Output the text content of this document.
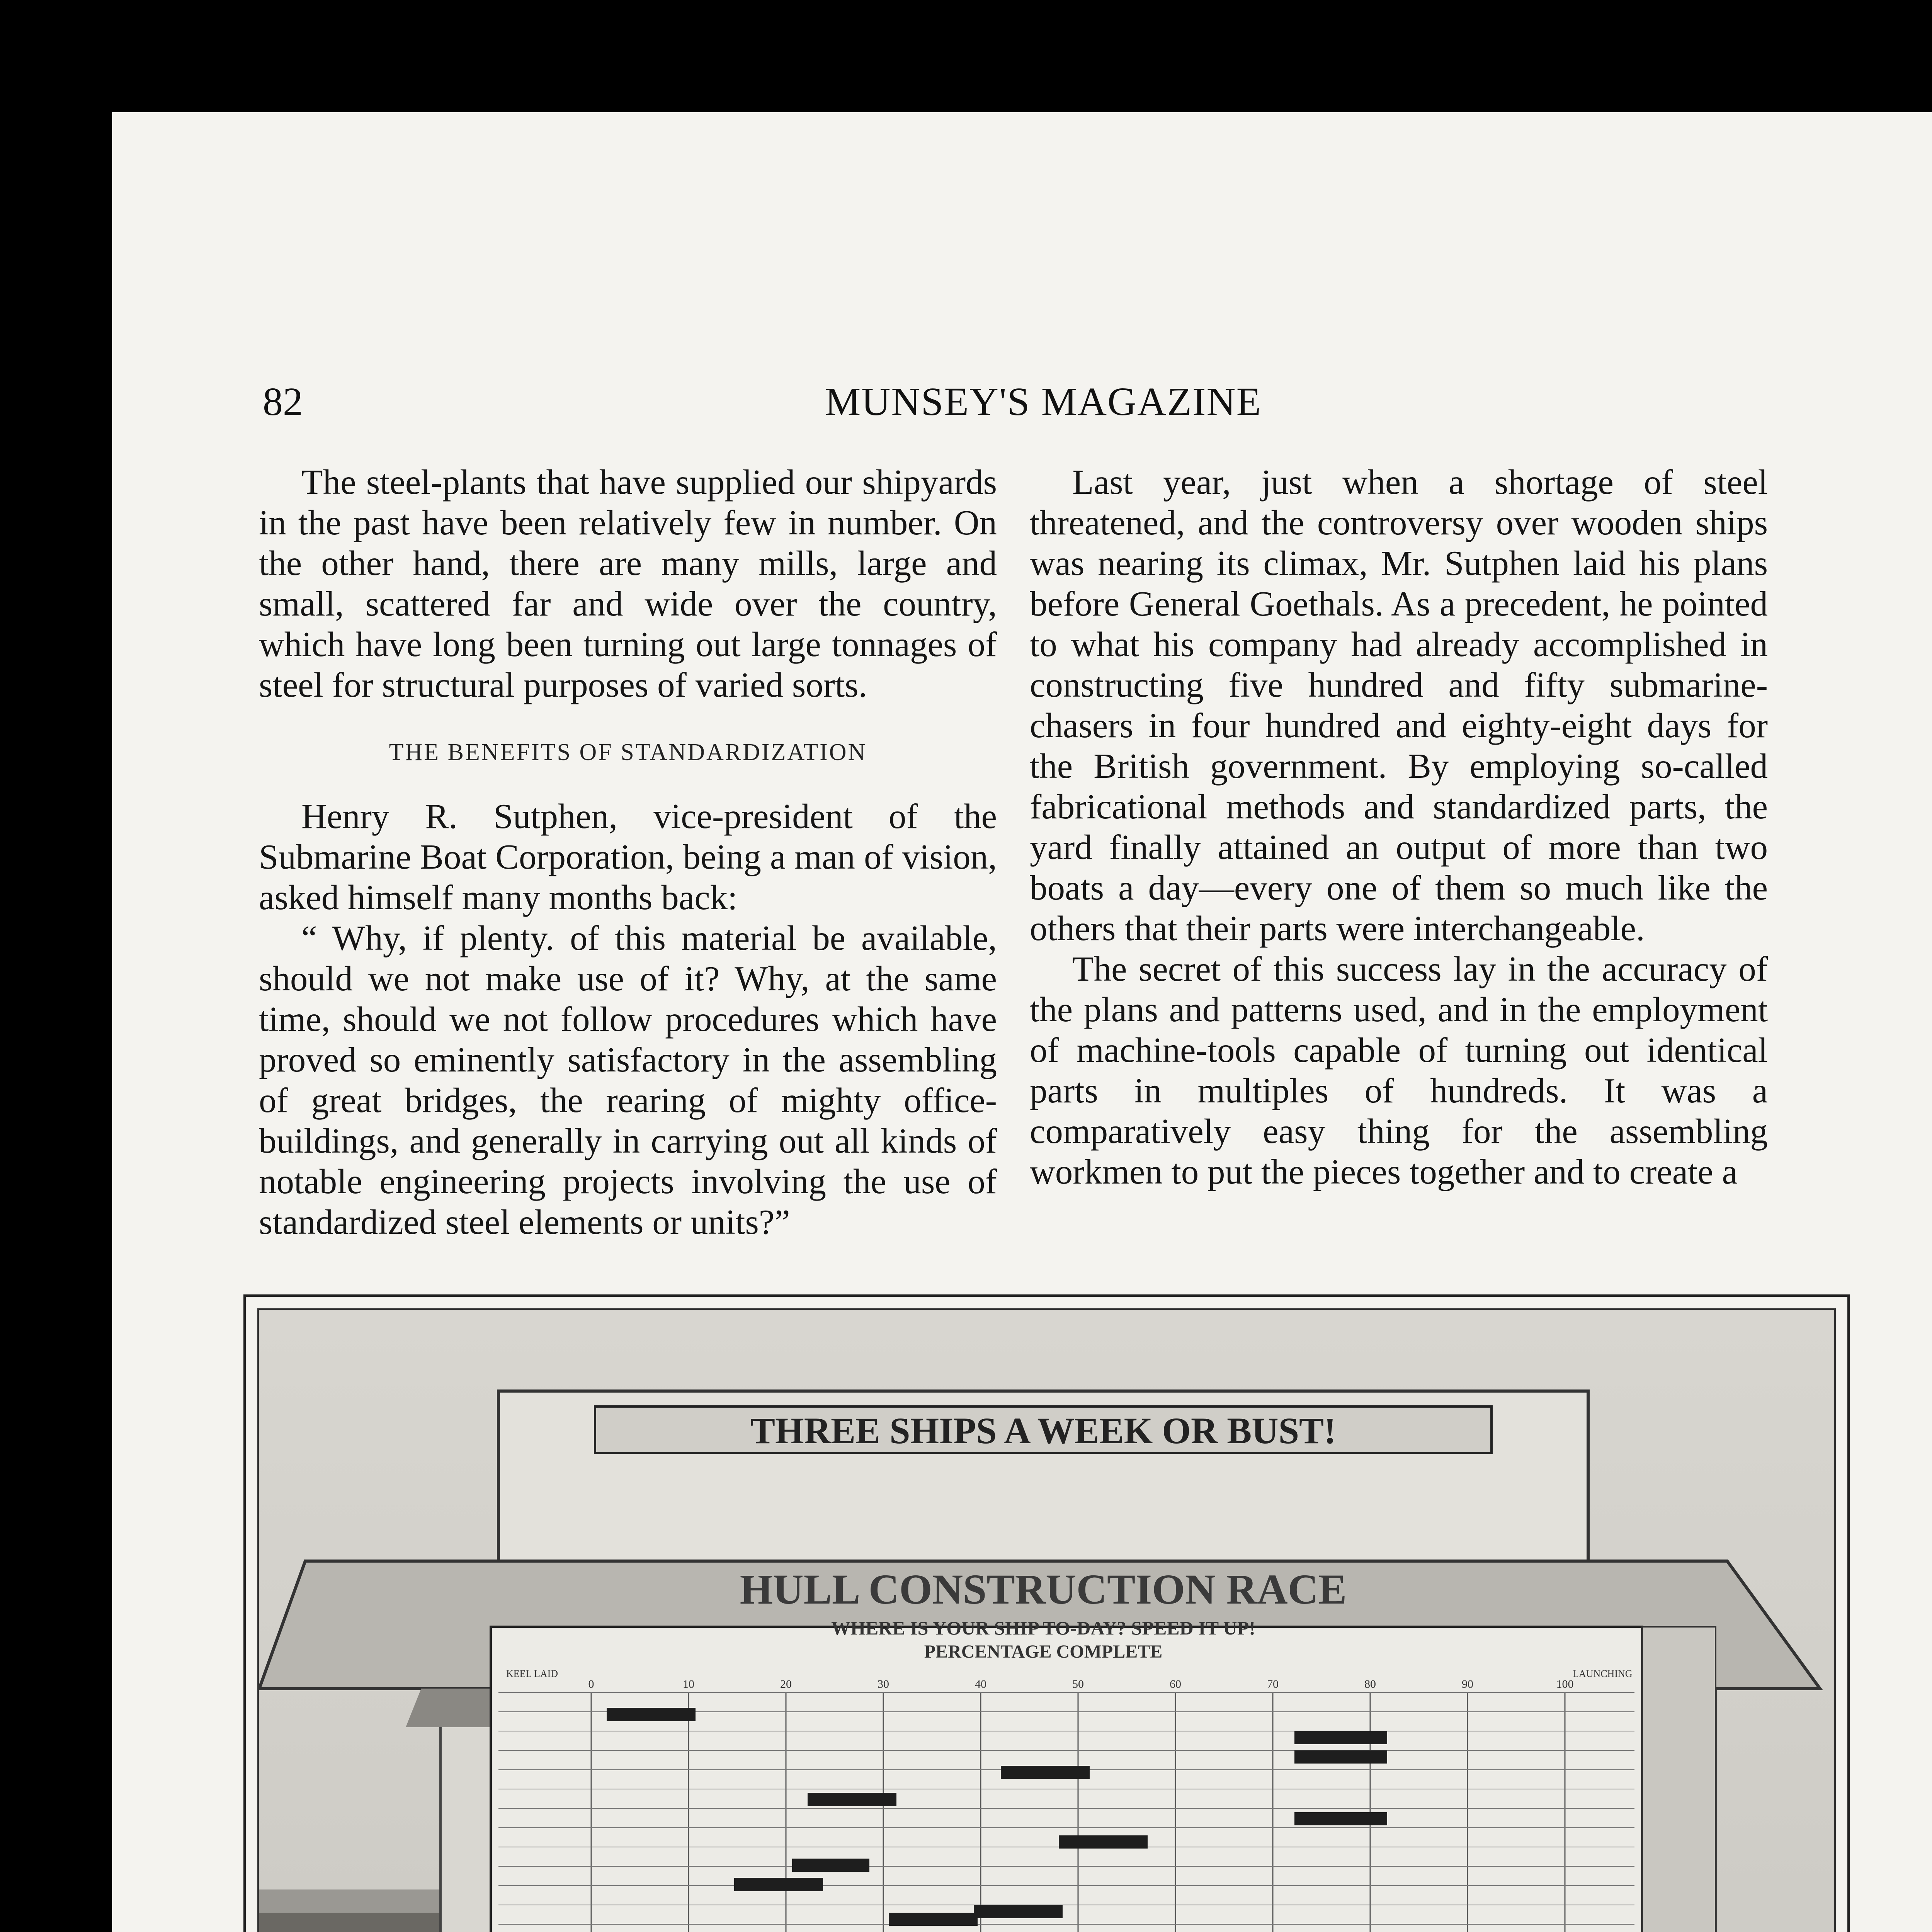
82	MUNSEY'S MAGAZINE

The steel-plants that have supplied our shipyards in the past have been relatively few in number. On the other hand, there are many mills, large and small, scattered far and wide over the country, which have long been turning out large tonnages of steel for structural purposes of varied sorts.

THE BENEFITS OF STANDARDIZATION

Henry R. Sutphen, vice-president of the Submarine Boat Corporation, being a man of vision, asked himself many months back:

“ Why, if plenty. of this material be available, should we not make use of it? Why, at the same time, should we not follow procedures which have proved so eminently satisfactory in the assembling of great bridges, the rearing of mighty office-buildings, and generally in carrying out all kinds of notable engineering projects involving the use of standardized steel elements or units?”

Last year, just when a shortage of steel threatened, and the controversy over wooden ships was nearing its climax, Mr. Sutphen laid his plans before General Goethals. As a precedent, he pointed to what his company had already accomplished in constructing five hundred and fifty submarine-chasers in four hundred and eighty-eight days for the British government. By employing so-called fabricational methods and standardized parts, the yard finally attained an output of more than two boats a day—every one of them so much like the others that their parts were interchangeable.

The secret of this success lay in the accuracy of the plans and patterns used, and in the employment of machine-tools capable of turning out identical parts in multiples of hundreds. It was a comparatively easy thing for the assembling workmen to put the pieces together and to create a

THREE SHIPS A WEEK OR BUST!
HULL CONSTRUCTION RACE
WHERE IS YOUR SHIP TO-DAY? SPEED IT UP!
PERCENTAGE COMPLETE
KEEL LAID	LAUNCHING
0	10	20	30	40	50	60	70	80	90	100
